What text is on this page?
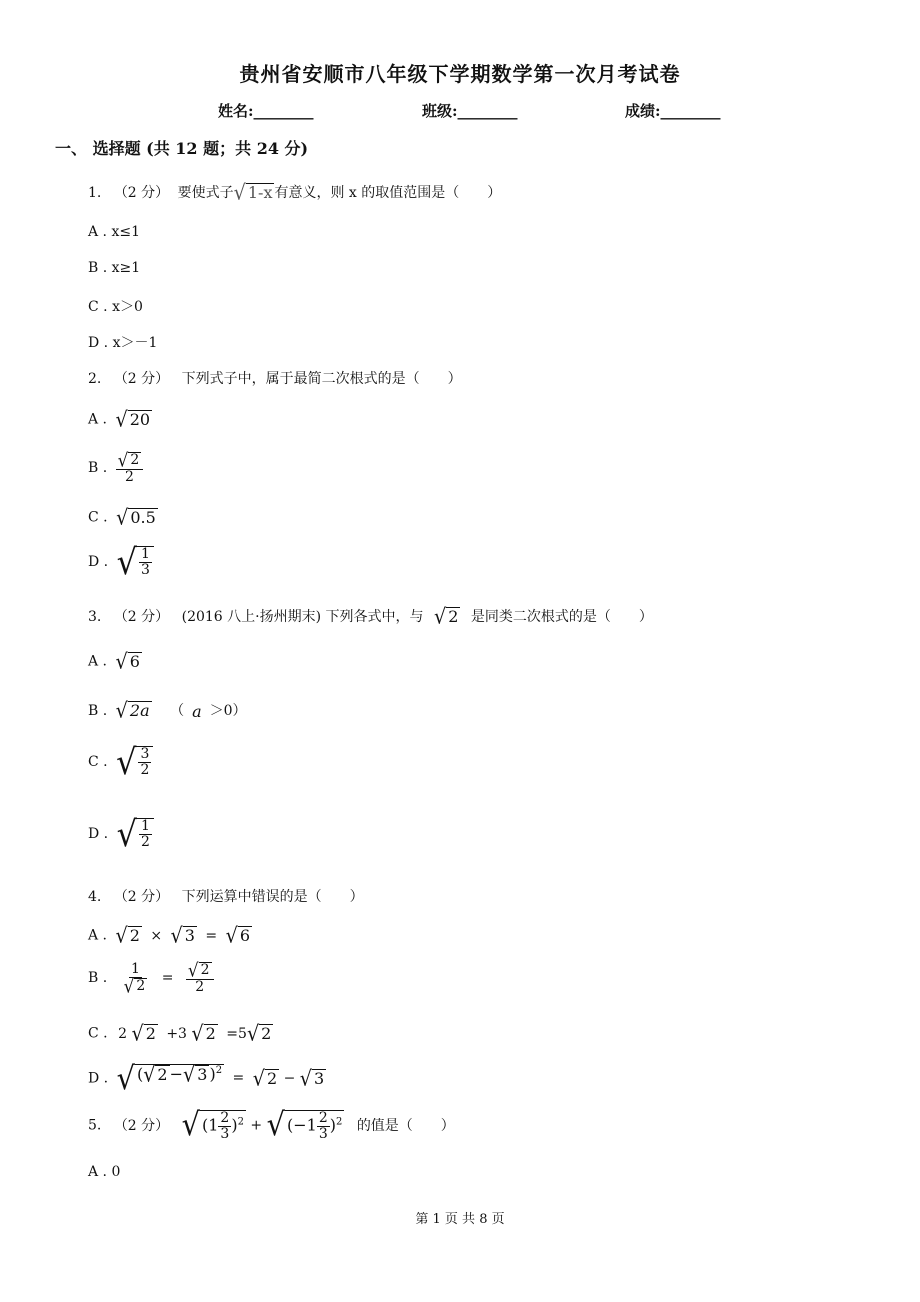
贵州省安顺市八年级下学期数学第一次月考试卷
姓名:________	班级:________	成绩:________
一、 选择题 (共 12 题；共 24 分)
1. （2 分） 要使式子 √ 1-x 有意义，则 x 的取值范围是（　　）
A . x≤1
B . x≥1
C . x＞0
D . x＞－1
2. （2 分） 下列式子中，属于最简二次根式的是（　　）
A . √ 20
B . $\frac{√ 2}{2}$
C . √ 0.5
D . √ $\frac{1}{3}$
3. （2 分） (2016 八上·扬州期末) 下列各式中，与 √ 2 是同类二次根式的是（　　）
A . √ 6
B . √ 2a （ a ＞0）
C . √ $\frac{3}{2}$
D . √ $\frac{1}{2}$
4. （2 分） 下列运算中错误的是（　　）
A . √ 2 × √ 3 = √ 6
B . $\frac{1}{√ 2} = \frac{√ 2}{2}$
C . 2 √ 2 +3 √ 2 =5 √ 2
D . √ ( √ 2 − √ 3 )$^2$ = √ 2 − √ 3
5. （2 分） √ $(1 \frac{2}{3} )^2$ + √ $(-1 \frac{2}{3} )^2$ 的值是（　　）
A . 0
第 1 页 共 8 页
